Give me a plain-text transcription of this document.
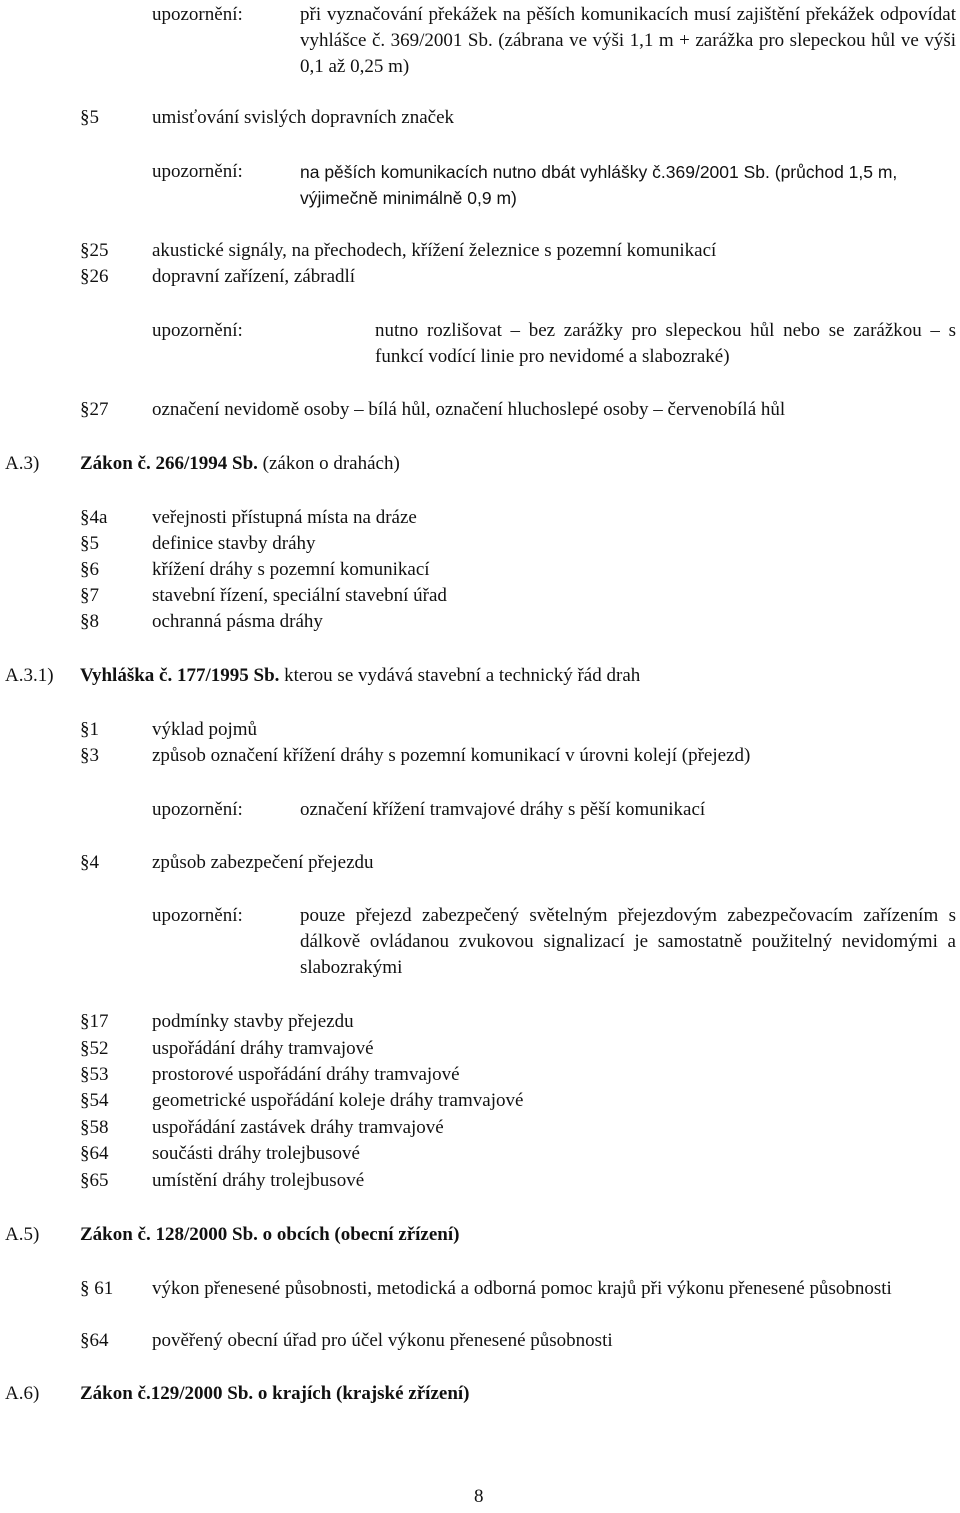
upozornění:	při vyznačování překážek na pěších komunikacích musí zajištění překážek odpovídat vyhlášce č. 369/2001 Sb. (zábrana ve výši 1,1 m + zarážka pro slepeckou hůl ve výši 0,1 až 0,25 m)
§5	umisťování svislých dopravních značek
upozornění:	na pěších komunikacích nutno dbát vyhlášky č.369/2001 Sb. (průchod 1,5 m, výjimečně minimálně 0,9 m)
§25 akustické signály, na přechodech, křížení železnice s pozemní komunikací
§26 dopravní zařízení, zábradlí
upozornění:	nutno rozlišovat – bez zarážky pro slepeckou hůl nebo se zarážkou – s funkcí vodící linie pro nevidomé a slabozraké)
§27 označení nevidomě osoby – bílá hůl, označení hluchoslepé osoby – červenobílá hůl
A.3) Zákon č. 266/1994 Sb. (zákon o drahách)
§4a veřejnosti přístupná místa na dráze
§5	definice stavby dráhy
§6	křížení dráhy s pozemní komunikací
§7	stavební řízení, speciální stavební úřad
§8	ochranná pásma dráhy
A.3.1) Vyhláška č. 177/1995 Sb. kterou se vydává stavební a technický řád drah
§1	výklad pojmů
§3	způsob označení křížení dráhy s pozemní komunikací v úrovni kolejí (přejezd)
upozornění:	označení křížení tramvajové dráhy s pěší komunikací
§4	způsob zabezpečení přejezdu
upozornění:	pouze přejezd zabezpečený světelným přejezdovým zabezpečovacím zařízením s dálkově ovládanou zvukovou signalizací je samostatně použitelný nevidomými a slabozrakými
§17 podmínky stavby přejezdu
§52 uspořádání dráhy tramvajové
§53 prostorové uspořádání dráhy tramvajové
§54 geometrické uspořádání koleje dráhy tramvajové
§58 uspořádání zastávek dráhy tramvajové
§64 součásti dráhy trolejbusové
§65 umístění dráhy trolejbusové
A.5) Zákon č. 128/2000 Sb. o obcích (obecní zřízení)
§ 61 výkon přenesené působnosti, metodická a odborná pomoc krajů při výkonu přenesené působnosti
§64 pověřený obecní úřad pro účel výkonu přenesené působnosti
A.6) Zákon č.129/2000 Sb. o krajích (krajské zřízení)
8
